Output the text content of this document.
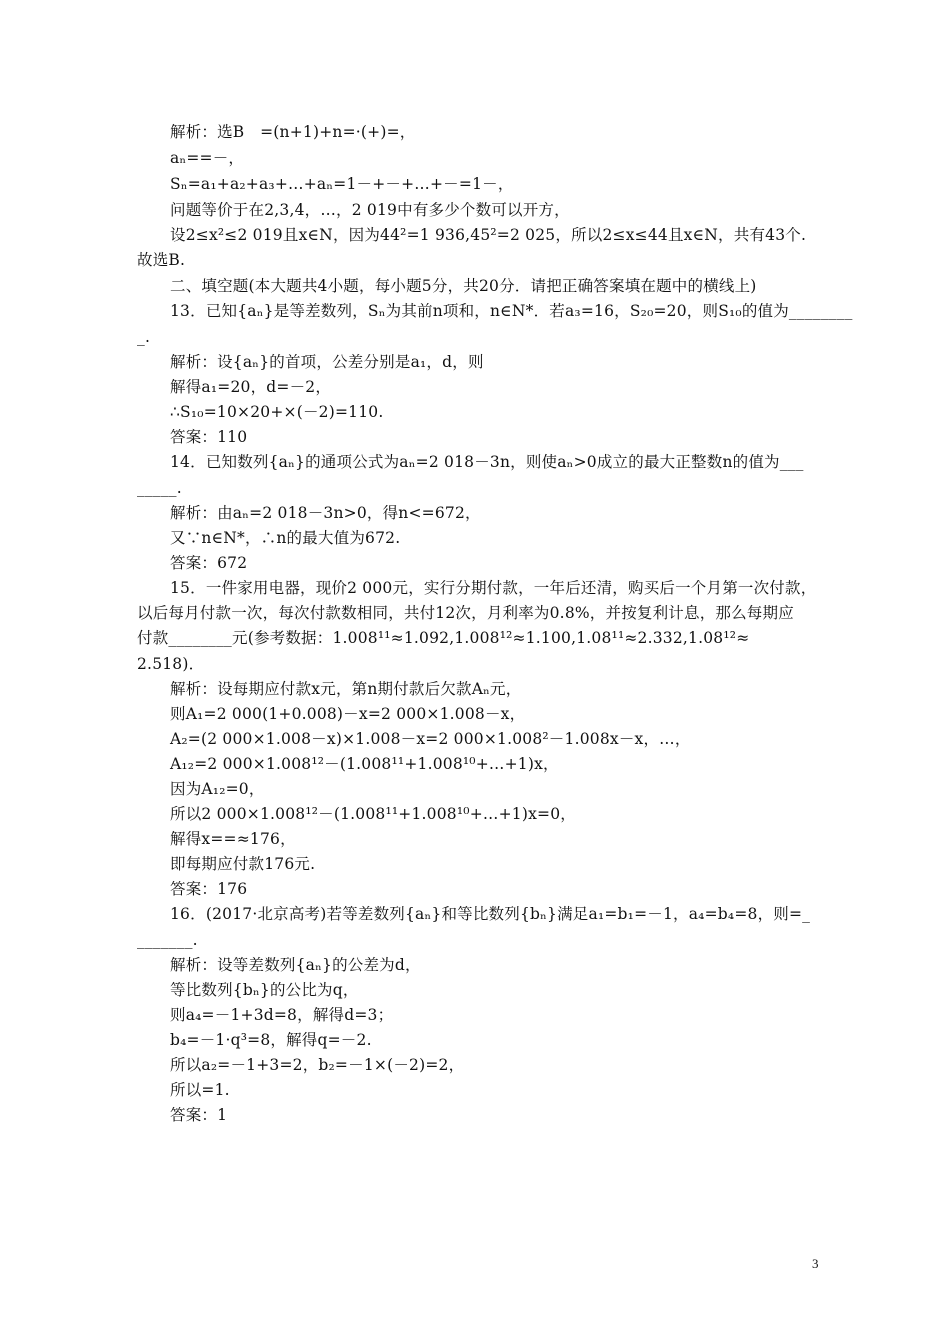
解析：选B　=(n+1)+n=·(+)=，
aₙ==－，
Sₙ=a₁+a₂+a₃+…+aₙ=1－+－+…+－=1－，
问题等价于在2,3,4，…，2 019中有多少个数可以开方，
设2≤x²≤2 019且x∈N，因为44²=1 936,45²=2 025，所以2≤x≤44且x∈N，共有43个.
故选B.
二、填空题(本大题共4小题，每小题5分，共20分．请把正确答案填在题中的横线上)
13．已知{aₙ}是等差数列，Sₙ为其前n项和，n∈N*．若a₃=16，S₂₀=20，则S₁₀的值为________
_.
解析：设{aₙ}的首项，公差分别是a₁，d，则
解得a₁=20，d=－2，
∴S₁₀=10×20+×(－2)=110.
答案：110
14．已知数列{aₙ}的通项公式为aₙ=2 018－3n，则使aₙ>0成立的最大正整数n的值为___
_____.
解析：由aₙ=2 018－3n>0，得n<=672，
又∵n∈N*，∴n的最大值为672.
答案：672
15．一件家用电器，现价2 000元，实行分期付款，一年后还清，购买后一个月第一次付款，
以后每月付款一次，每次付款数相同，共付12次，月利率为0.8%，并按复利计息，那么每期应
付款________元(参考数据：1.008¹¹≈1.092,1.008¹²≈1.100,1.08¹¹≈2.332,1.08¹²≈
2.518)．
解析：设每期应付款x元，第n期付款后欠款Aₙ元，
则A₁=2 000(1+0.008)－x=2 000×1.008－x，
A₂=(2 000×1.008－x)×1.008－x=2 000×1.008²－1.008x－x，…，
A₁₂=2 000×1.008¹²－(1.008¹¹+1.008¹⁰+…+1)x，
因为A₁₂=0，
所以2 000×1.008¹²－(1.008¹¹+1.008¹⁰+…+1)x=0，
解得x==≈176，
即每期应付款176元.
答案：176
16．(2017·北京高考)若等差数列{aₙ}和等比数列{bₙ}满足a₁=b₁=－1，a₄=b₄=8，则=_
_______.
解析：设等差数列{aₙ}的公差为d，
等比数列{bₙ}的公比为q，
则a₄=－1+3d=8，解得d=3；
b₄=－1·q³=8，解得q=－2.
所以a₂=－1+3=2，b₂=－1×(－2)=2，
所以=1.
答案：1
3
